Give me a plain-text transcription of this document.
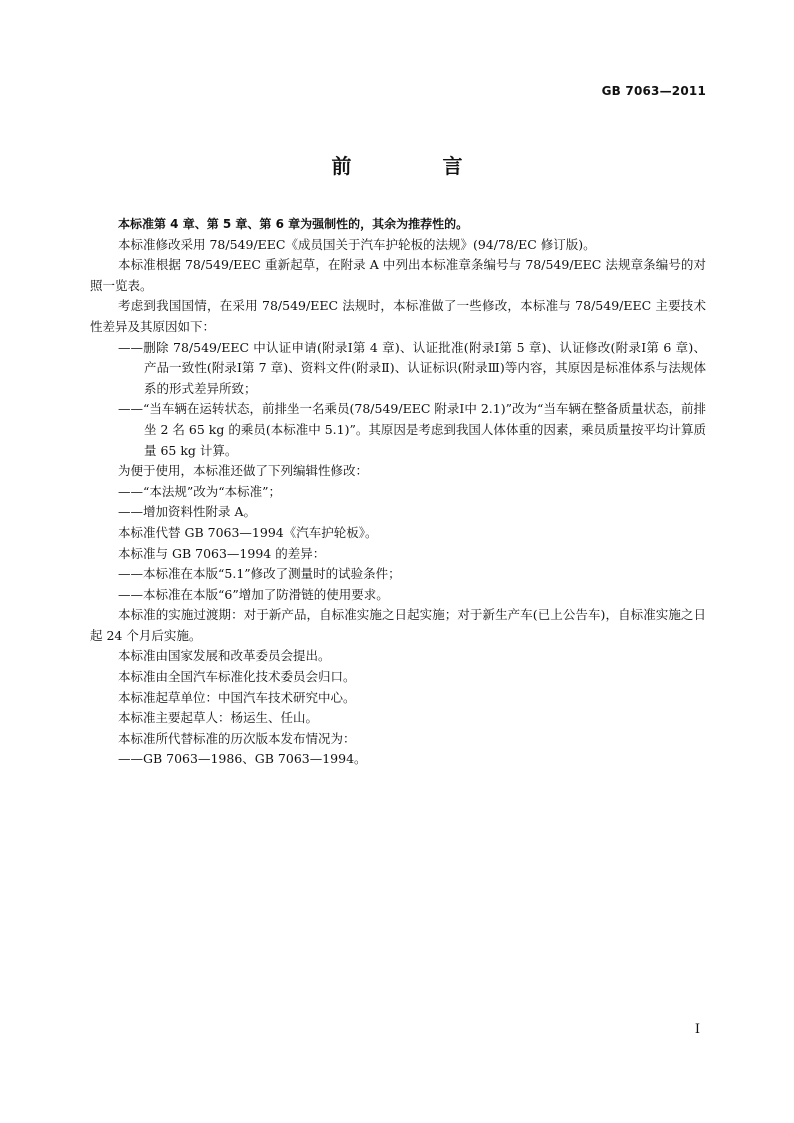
GB 7063—2011
前 言

本标准第 4 章、第 5 章、第 6 章为强制性的，其余为推荐性的。

本标准修改采用 78/549/EEC《成员国关于汽车护轮板的法规》(94/78/EC 修订版)。

本标准根据 78/549/EEC 重新起草，在附录 A 中列出本标准章条编号与 78/549/EEC 法规章条编号的对照一览表。

考虑到我国国情，在采用 78/549/EEC 法规时，本标准做了一些修改，本标准与 78/549/EEC 主要技术性差异及其原因如下：

——删除 78/549/EEC 中认证申请(附录Ⅰ第 4 章)、认证批准(附录Ⅰ第 5 章)、认证修改(附录Ⅰ第 6 章)、产品一致性(附录Ⅰ第 7 章)、资料文件(附录Ⅱ)、认证标识(附录Ⅲ)等内容，其原因是标准体系与法规体系的形式差异所致；

——“当车辆在运转状态，前排坐一名乘员(78/549/EEC 附录Ⅰ中 2.1)”改为“当车辆在整备质量状态，前排坐 2 名 65 kg 的乘员(本标准中 5.1)”。其原因是考虑到我国人体体重的因素，乘员质量按平均计算质量 65 kg 计算。

为便于使用，本标准还做了下列编辑性修改：

——“本法规”改为“本标准”；

——增加资料性附录 A。

本标准代替 GB 7063—1994《汽车护轮板》。

本标准与 GB 7063—1994 的差异：

——本标准在本版“5.1”修改了测量时的试验条件；

——本标准在本版“6”增加了防滑链的使用要求。

本标准的实施过渡期：对于新产品，自标准实施之日起实施；对于新生产车(已上公告车)，自标准实施之日起 24 个月后实施。

本标准由国家发展和改革委员会提出。

本标准由全国汽车标准化技术委员会归口。

本标准起草单位：中国汽车技术研究中心。

本标准主要起草人：杨运生、任山。

本标准所代替标准的历次版本发布情况为：

——GB 7063—1986、GB 7063—1994。

Ⅰ
